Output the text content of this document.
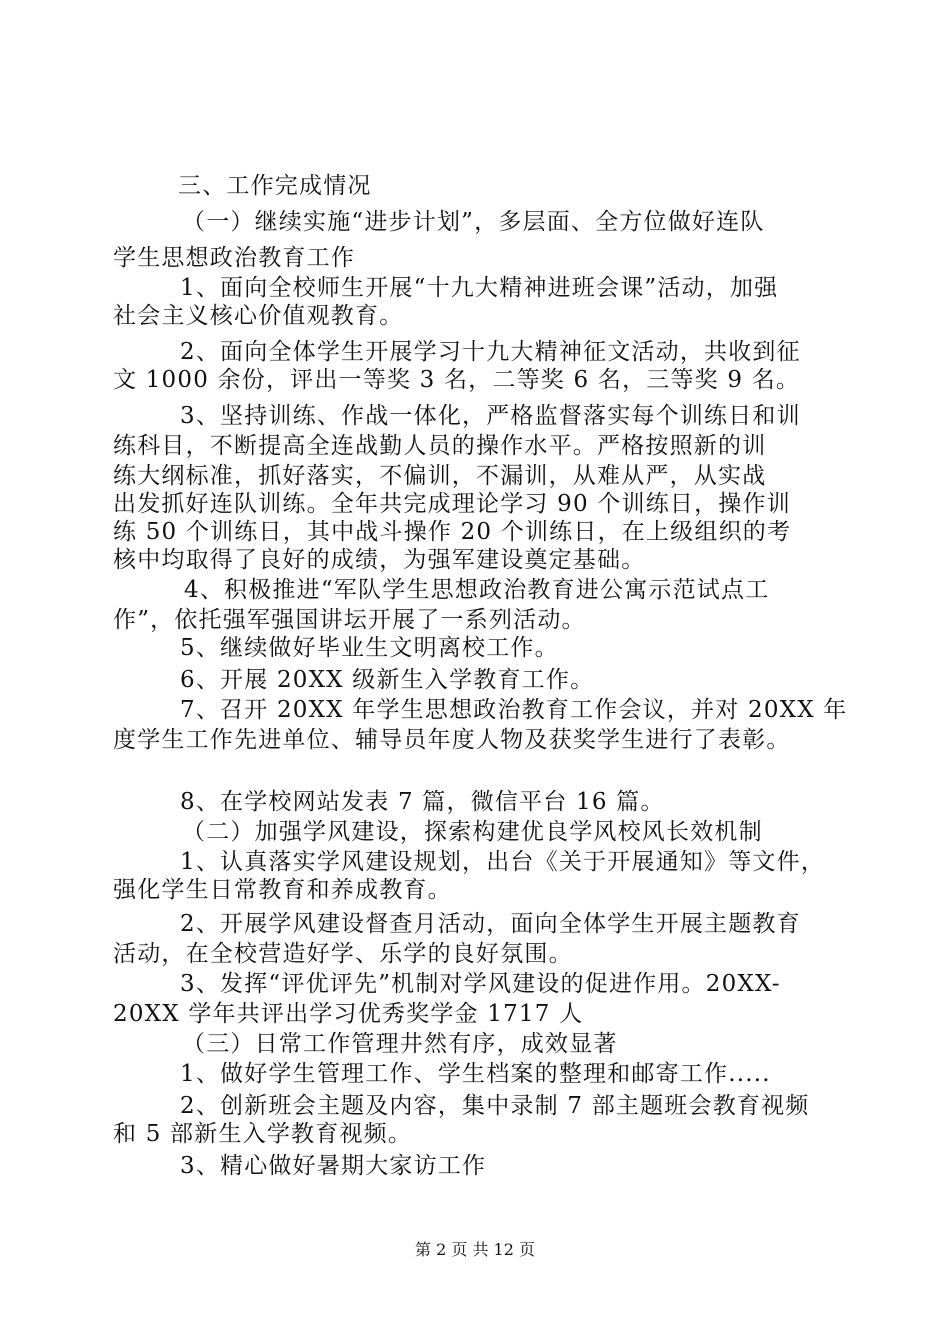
三、工作完成情况
（一）继续实施“进步计划”，多层面、全方位做好连队
学生思想政治教育工作
1、面向全校师生开展“十九大精神进班会课”活动，加强
社会主义核心价值观教育。
2、面向全体学生开展学习十九大精神征文活动，共收到征
文 1000 余份，评出一等奖 3 名，二等奖 6 名，三等奖 9 名。
3、坚持训练、作战一体化，严格监督落实每个训练日和训
练科目，不断提高全连战勤人员的操作水平。严格按照新的训
练大纲标准，抓好落实，不偏训，不漏训，从难从严，从实战
出发抓好连队训练。全年共完成理论学习 90 个训练日，操作训
练 50 个训练日，其中战斗操作 20 个训练日，在上级组织的考
核中均取得了良好的成绩，为强军建设奠定基础。
4、积极推进“军队学生思想政治教育进公寓示范试点工
作”，依托强军强国讲坛开展了一系列活动。
5、继续做好毕业生文明离校工作。
6、开展 20XX 级新生入学教育工作。
7、召开 20XX 年学生思想政治教育工作会议，并对 20XX 年
度学生工作先进单位、辅导员年度人物及获奖学生进行了表彰。
8、在学校网站发表 7 篇，微信平台 16 篇。
（二）加强学风建设，探索构建优良学风校风长效机制
1、认真落实学风建设规划，出台《关于开展通知》等文件，
强化学生日常教育和养成教育。
2、开展学风建设督查月活动，面向全体学生开展主题教育
活动，在全校营造好学、乐学的良好氛围。
3、发挥“评优评先”机制对学风建设的促进作用。20XX-
20XX 学年共评出学习优秀奖学金 1717 人
（三）日常工作管理井然有序，成效显著
1、做好学生管理工作、学生档案的整理和邮寄工作.....
2、创新班会主题及内容，集中录制 7 部主题班会教育视频
和 5 部新生入学教育视频。
3、精心做好暑期大家访工作
第 2 页 共 12 页
